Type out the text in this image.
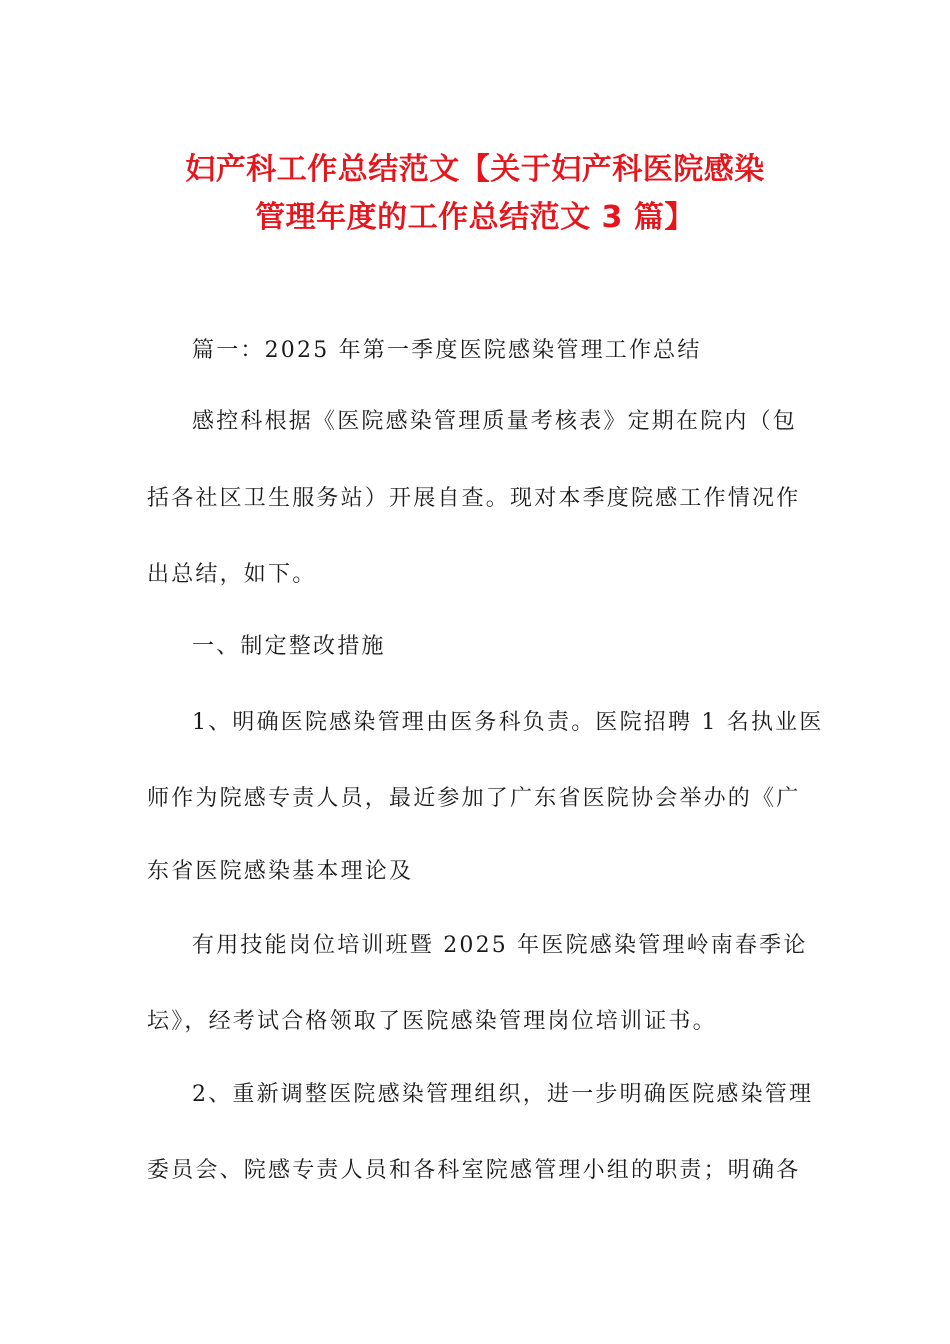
妇产科工作总结范文【关于妇产科医院感染
管理年度的工作总结范文 3 篇】
篇一：2025 年第一季度医院感染管理工作总结
感控科根据《医院感染管理质量考核表》定期在院内（包
括各社区卫生服务站）开展自查。现对本季度院感工作情况作
出总结，如下。
一、制定整改措施
1、明确医院感染管理由医务科负责。医院招聘 1 名执业医
师作为院感专责人员，最近参加了广东省医院协会举办的《广
东省医院感染基本理论及
有用技能岗位培训班暨 2025 年医院感染管理岭南春季论
坛》，经考试合格领取了医院感染管理岗位培训证书。
2、重新调整医院感染管理组织，进一步明确医院感染管理
委员会、院感专责人员和各科室院感管理小组的职责；明确各
